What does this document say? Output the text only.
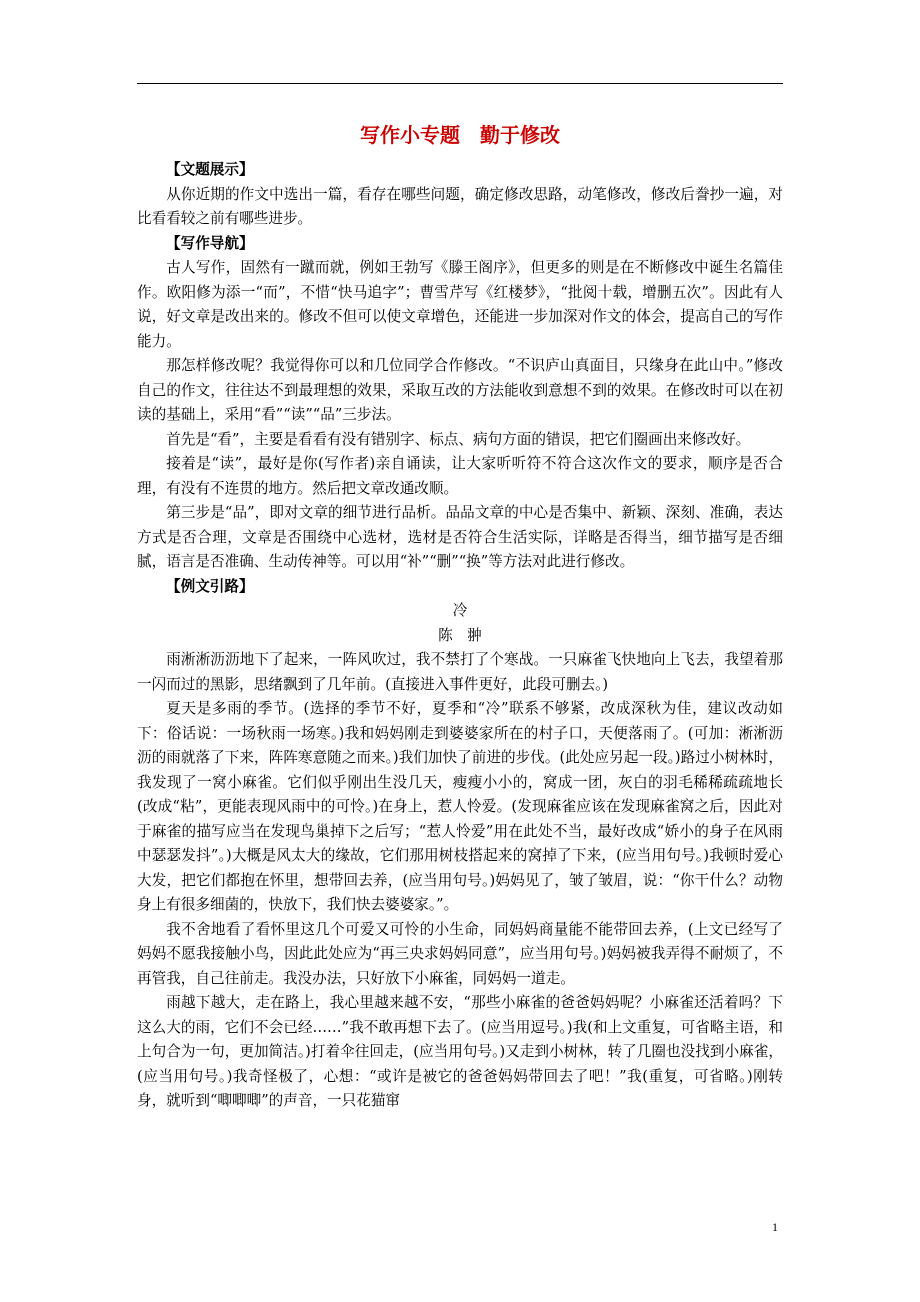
写作小专题　勤于修改

【文题展示】

从你近期的作文中选出一篇，看存在哪些问题，确定修改思路，动笔修改，修改后誊抄一遍，对比看看较之前有哪些进步。

【写作导航】

古人写作，固然有一蹴而就，例如王勃写《滕王阁序》，但更多的则是在不断修改中诞生名篇佳作。欧阳修为添一“而”，不惜“快马追字”；曹雪芹写《红楼梦》，“批阅十载，增删五次”。因此有人说，好文章是改出来的。修改不但可以使文章增色，还能进一步加深对作文的体会，提高自己的写作能力。

那怎样修改呢？我觉得你可以和几位同学合作修改。“不识庐山真面目，只缘身在此山中。”修改自己的作文，往往达不到最理想的效果，采取互改的方法能收到意想不到的效果。在修改时可以在初读的基础上，采用“看”“读”“品”三步法。

首先是“看”，主要是看看有没有错别字、标点、病句方面的错误，把它们圈画出来修改好。

接着是“读”，最好是你(写作者)亲自诵读，让大家听听符不符合这次作文的要求，顺序是否合理，有没有不连贯的地方。然后把文章改通改顺。

第三步是“品”，即对文章的细节进行品析。品品文章的中心是否集中、新颖、深刻、准确，表达方式是否合理，文章是否围绕中心选材，选材是否符合生活实际，详略是否得当，细节描写是否细腻，语言是否准确、生动传神等。可以用“补”“删”“换”等方法对此进行修改。

【例文引路】

冷

陈　翀

雨淅淅沥沥地下了起来，一阵风吹过，我不禁打了个寒战。一只麻雀飞快地向上飞去，我望着那一闪而过的黑影，思绪飘到了几年前。(直接进入事件更好，此段可删去。)

夏天是多雨的季节。(选择的季节不好，夏季和“冷”联系不够紧，改成深秋为佳，建议改动如下：俗话说：一场秋雨一场寒。)我和妈妈刚走到婆婆家所在的村子口，天便落雨了。(可加：淅淅沥沥的雨就落了下来，阵阵寒意随之而来。)我们加快了前进的步伐。(此处应另起一段。)路过小树林时，我发现了一窝小麻雀。它们似乎刚出生没几天，瘦瘦小小的，窝成一团，灰白的羽毛稀稀疏疏地长(改成“粘”，更能表现风雨中的可怜。)在身上，惹人怜爱。(发现麻雀应该在发现麻雀窝之后，因此对于麻雀的描写应当在发现鸟巢掉下之后写；“惹人怜爱”用在此处不当，最好改成“娇小的身子在风雨中瑟瑟发抖”。)大概是风太大的缘故，它们那用树枝搭起来的窝掉了下来，(应当用句号。)我顿时爱心大发，把它们都抱在怀里，想带回去养，(应当用句号。)妈妈见了，皱了皱眉，说：“你干什么？动物身上有很多细菌的，快放下，我们快去婆婆家。”。

我不舍地看了看怀里这几个可爱又可怜的小生命，同妈妈商量能不能带回去养，(上文已经写了妈妈不愿我接触小鸟，因此此处应为“再三央求妈妈同意”，应当用句号。)妈妈被我弄得不耐烦了，不再管我，自己往前走。我没办法，只好放下小麻雀，同妈妈一道走。

雨越下越大，走在路上，我心里越来越不安，“那些小麻雀的爸爸妈妈呢？小麻雀还活着吗？下这么大的雨，它们不会已经……”我不敢再想下去了。(应当用逗号。)我(和上文重复，可省略主语，和上句合为一句，更加简洁。)打着伞往回走，(应当用句号。)又走到小树林，转了几圈也没找到小麻雀，(应当用句号。)我奇怪极了，心想：“或许是被它的爸爸妈妈带回去了吧！”我(重复，可省略。)刚转身，就听到“唧唧唧”的声音，一只花猫窜

1
